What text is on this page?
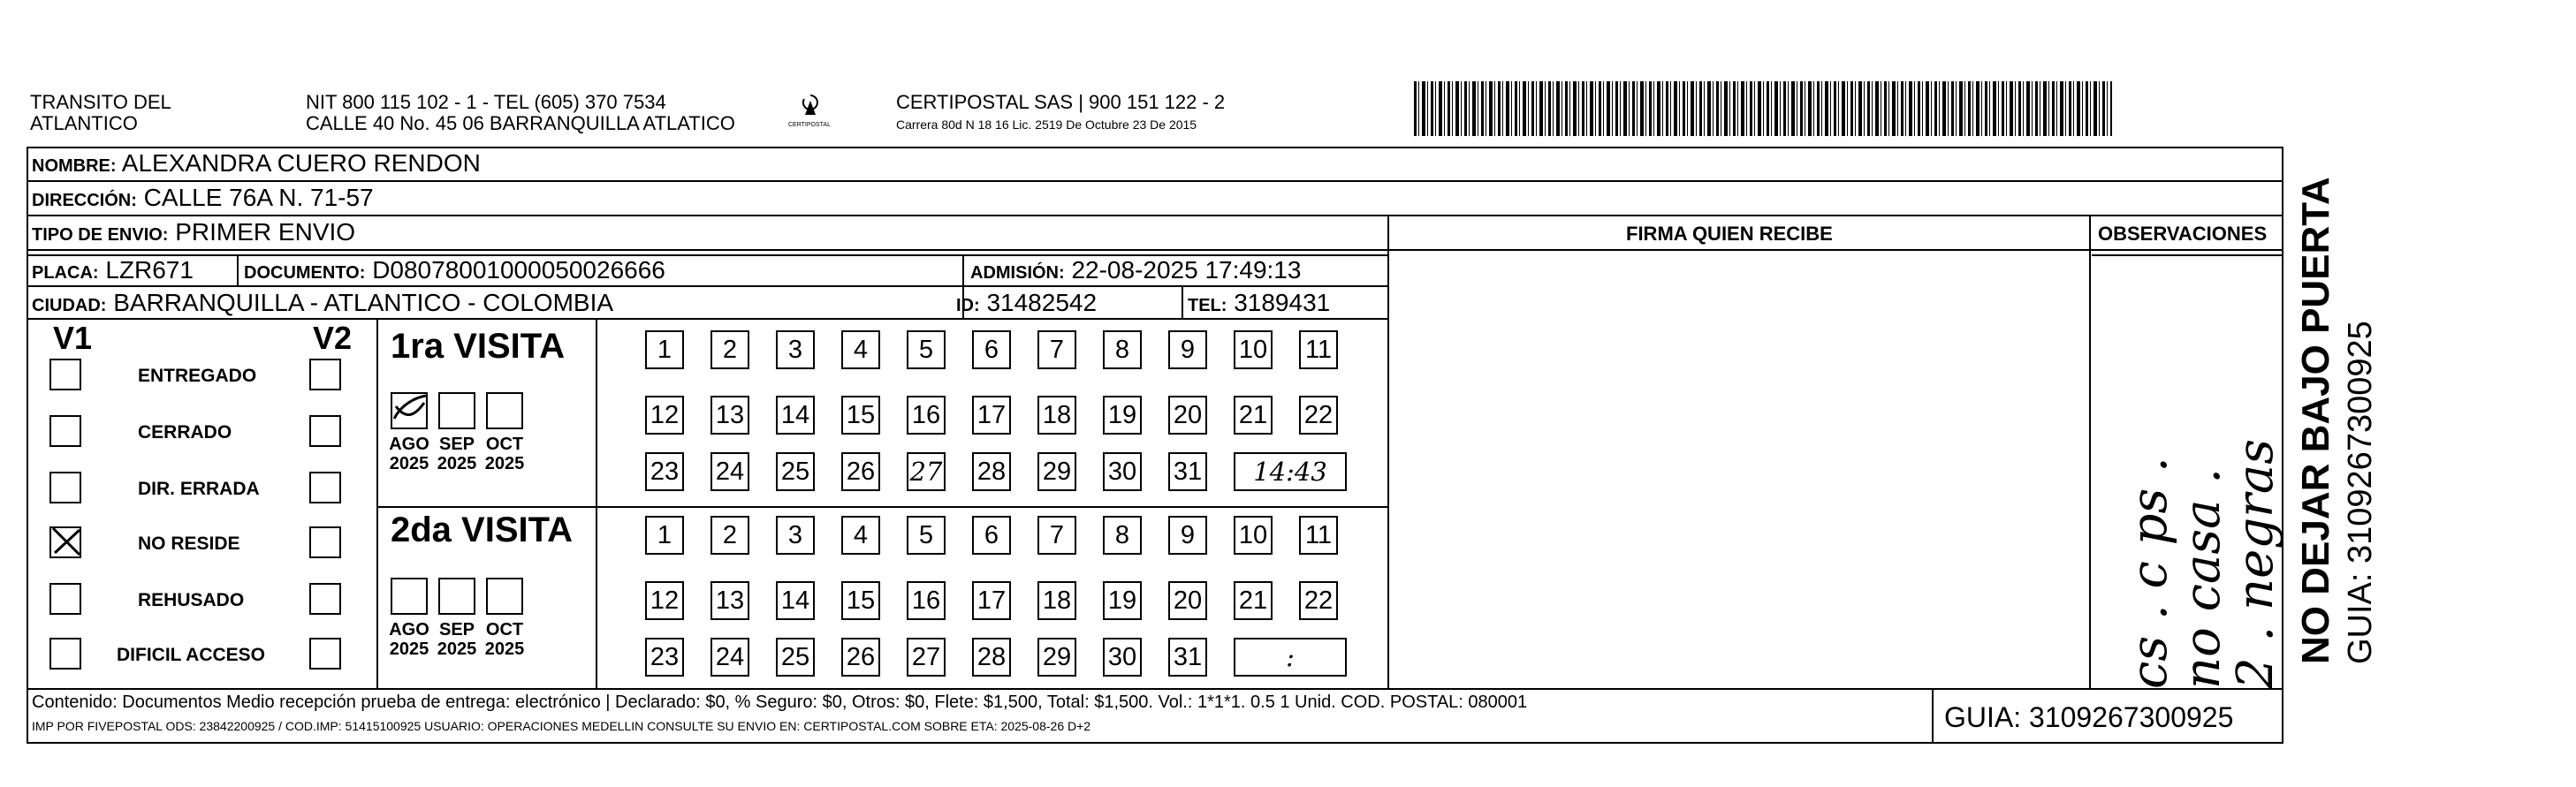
TRANSITO DEL
ATLANTICO
NIT 800 115 102 - 1 - TEL (605) 370 7534
CALLE 40 No. 45 06 BARRANQUILLA ATLATICO	CERTIPOSTAL
CERTIPOSTAL SAS | 900 151 122 - 2
Carrera 80d N 18 16 Lic. 2519 De Octubre 23 De 2015
NOMBRE: ALEXANDRA CUERO RENDON
DIRECCIÓN: CALLE 76A N. 71-57
TIPO DE ENVIO: PRIMER ENVIO	FIRMA QUIEN RECIBE	OBSERVACIONES
PLACA: LZR671	DOCUMENTO: D08078001000050026666	ADMISIÓN: 22-08-2025 17:49:13
CIUDAD: BARRANQUILLA - ATLANTICO - COLOMBIA	ID: 31482542	TEL: 3189431
V1	V2
ENTREGADO
CERRADO
DIR. ERRADA
NO RESIDE
REHUSADO
DIFICIL ACCESO
1ra VISITA
AGO
2025
SEP
2025
OCT
2025
1	2	3	4	5	6	7	8	9	10 11
12 13 14 15 16 17 18 19 20 21 22
23 24 25 26 27 28 29 30 31	14:43
2da VISITA
AGO
2025
SEP
2025
OCT
2025
1	2	3	4	5	6	7	8	9	10 11
12 13 14 15 16 17 18 19 20 21 22
23 24 25 26 27 28 29 30 31	:	cs . c ps .
no casa .
2 . negras
Contenido: Documentos Medio recepción prueba de entrega: electrónico | Declarado: $0, % Seguro: $0, Otros: $0, Flete: $1,500, Total: $1,500. Vol.: 1*1*1. 0.5 1 Unid. COD. POSTAL: 080001
IMP POR FIVEPOSTAL ODS: 23842200925 / COD.IMP: 51415100925 USUARIO: OPERACIONES MEDELLIN CONSULTE SU ENVIO EN: CERTIPOSTAL.COM SOBRE ETA: 2025-08-26 D+2	GUIA: 3109267300925
NO DEJAR BAJO PUERTA GUIA: 3109267300925
